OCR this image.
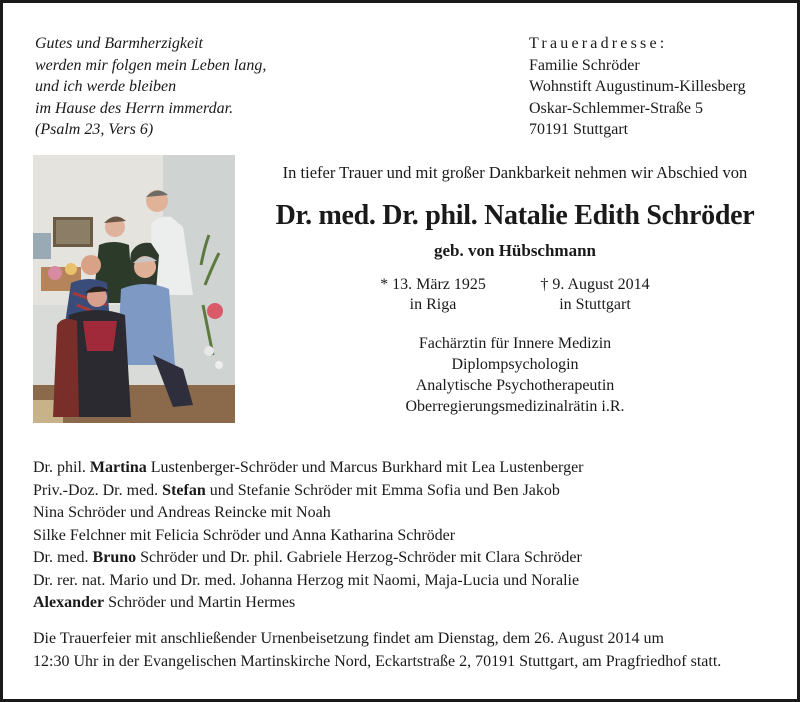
Gutes und Barmherzigkeit
werden mir folgen mein Leben lang,
und ich werde bleiben
im Hause des Herrn immerdar.
(Psalm 23, Vers 6)
Traueradresse:
Familie Schröder
Wohnstift Augustinum-Killesberg
Oskar-Schlemmer-Straße 5
70191 Stuttgart
In tiefer Trauer und mit großer Dankbarkeit nehmen wir Abschied von
Dr. med. Dr. phil. Natalie Edith Schröder
geb. von Hübschmann
* 13. März 1925
in Riga
† 9. August 2014
in Stuttgart
Fachärztin für Innere Medizin
Diplompsychologin
Analytische Psychotherapeutin
Oberregierungsmedizinalrätin i.R.
Dr. phil. Martina Lustenberger-Schröder und Marcus Burkhard mit Lea Lustenberger
Priv.-Doz. Dr. med. Stefan und Stefanie Schröder mit Emma Sofia und Ben Jakob
Nina Schröder und Andreas Reincke mit Noah
Silke Felchner mit Felicia Schröder und Anna Katharina Schröder
Dr. med. Bruno Schröder und Dr. phil. Gabriele Herzog-Schröder mit Clara Schröder
Dr. rer. nat. Mario und Dr. med. Johanna Herzog mit Naomi, Maja-Lucia und Noralie
Alexander Schröder und Martin Hermes
Die Trauerfeier mit anschließender Urnenbeisetzung findet am Dienstag, dem 26. August 2014 um
12:30 Uhr in der Evangelischen Martinskirche Nord, Eckartstraße 2, 70191 Stuttgart, am Pragfriedhof statt.
